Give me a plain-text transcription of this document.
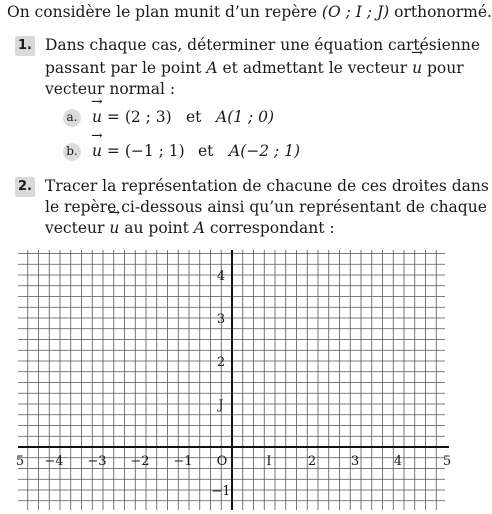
On considère le plan munit d’un repère (O ; I ; J) orthonormé.
1. Dans chaque cas, déterminer une équation cartésienne
passant par le point A et admettant le vecteur → u pour
vecteur normal :
a. → u = (2 ; 3) et A(1 ; 0)
b. → u = (−1 ; 1) et A(−2 ; 1)
2. Tracer la représentation de chacune de ces droites dans
le repère ci-dessous ainsi qu’un représentant de chaque
vecteur → u au point A correspondant :
5 −4 −3 −2 −1 O	I	2	3	4	5
4
3
2
J
−1
